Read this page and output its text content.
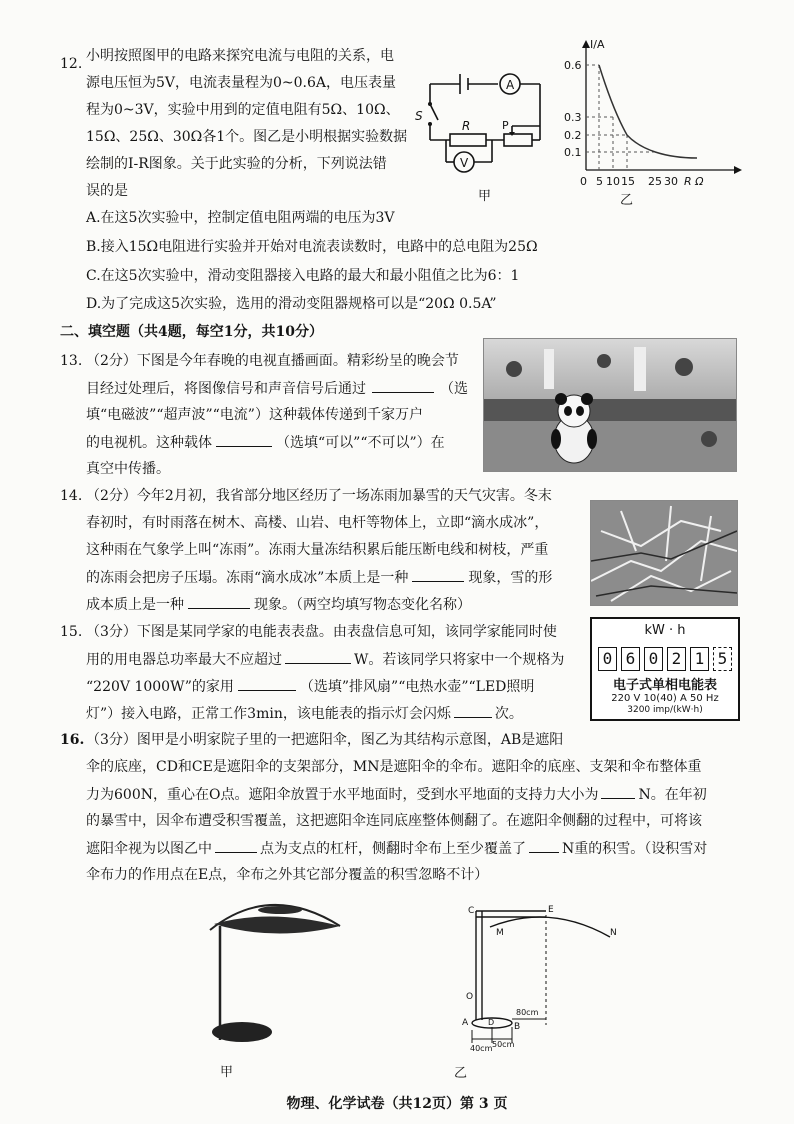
12. 小明按照图甲的电路来探究电流与电阻的关系，电
源电压恒为5V，电流表量程为0~0.6A，电压表量
程为0~3V，实验中用到的定值电阻有5Ω、10Ω、
15Ω、25Ω、30Ω各1个。图乙是小明根据实验数据
绘制的I-R图象。关于此实验的分析，下列说法错
误的是
A
V
S
R	P
甲
I/A
0.6
0.3
0.2
0.1
0 5 10 15 25 30 R Ω
乙
A.在这5次实验中，控制定值电阻两端的电压为3V
B.接入15Ω电阻进行实验并开始对电流表读数时，电路中的总电阻为25Ω
C.在这5次实验中，滑动变阻器接入电路的最大和最小阻值之比为6：1
D.为了完成这5次实验，选用的滑动变阻器规格可以是“20Ω 0.5A”
二、填空题（共4题，每空1分，共10分）
13. （2分）下图是今年春晚的电视直播画面。精彩纷呈的晚会节
目经过处理后，将图像信号和声音信号后通过	（选
填“电磁波”“超声波”“电流”）这种载体传递到千家万户
的电视机。这种载体	（选填“可以”“不可以”）在
真空中传播。
14. （2分）今年2月初，我省部分地区经历了一场冻雨加暴雪的天气灾害。冬末
春初时，有时雨落在树木、高楼、山岩、电杆等物体上，立即“滴水成冰”，
这种雨在气象学上叫“冻雨”。冻雨大量冻结积累后能压断电线和树枝，严重
的冻雨会把房子压塌。冻雨“滴水成冰”本质上是一种	现象，雪的形
成本质上是一种	现象。（两空均填写物态变化名称）
15. （3分）下图是某同学家的电能表表盘。由表盘信息可知，该同学家能同时使
用的用电器总功率最大不应超过	W。若该同学只将家中一个规格为
“220V 1000W”的家用	（选填”排风扇”“电热水壶”“LED照明
灯”）接入电路，正常工作3min，该电能表的指示灯会闪烁	次。
kW · h
0 6 0 2 1 5
电子式单相电能表
220 V 10(40) A 50 Hz
3200 imp/(kW·h)
16. （3分）图甲是小明家院子里的一把遮阳伞，图乙为其结构示意图，AB是遮阳
伞的底座，CD和CE是遮阳伞的支架部分，MN是遮阳伞的伞布。遮阳伞的底座、支架和伞布整体重
力为600N，重心在O点。遮阳伞放置于水平地面时，受到水平地面的支持力大小为	N。在年初
的暴雪中，因伞布遭受积雪覆盖，这把遮阳伞连同底座整体侧翻了。在遮阳伞侧翻的过程中，可将该
遮阳伞视为以图乙中	点为支点的杠杆，侧翻时伞布上至少覆盖了	N重的积雪。（设积雪对
伞布力的作用点在E点，伞布之外其它部分覆盖的积雪忽略不计）
甲
C	E
M	N
O
A D B
40cm 50cm
80cm
乙
物理、化学试卷（共12页）第 3 页
